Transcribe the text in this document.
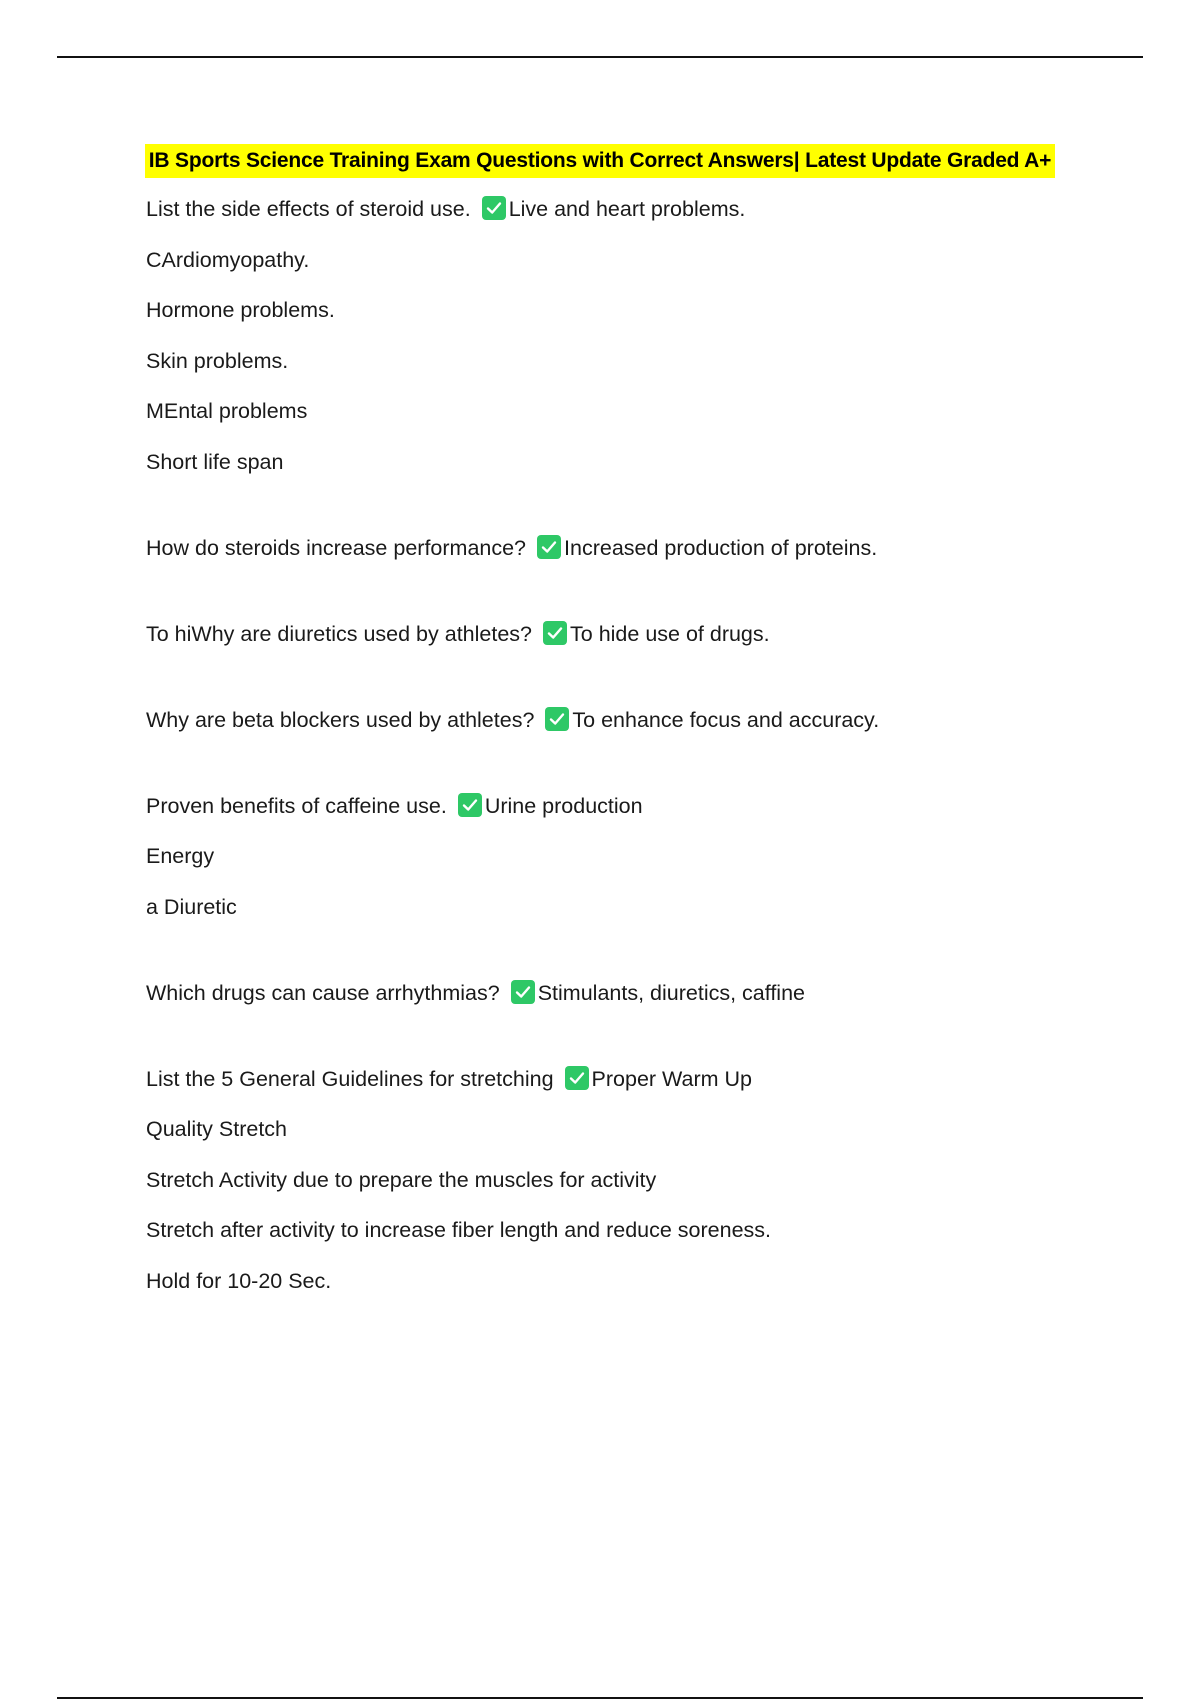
IB Sports Science Training Exam Questions with Correct Answers| Latest Update Graded A+
List the side effects of steroid use. Live and heart problems.
CArdiomyopathy.
Hormone problems.
Skin problems.
MEntal problems
Short life span
How do steroids increase performance? Increased production of proteins.
To hiWhy are diuretics used by athletes? To hide use of drugs.
Why are beta blockers used by athletes? To enhance focus and accuracy.
Proven benefits of caffeine use. Urine production
Energy
a Diuretic
Which drugs can cause arrhythmias? Stimulants, diuretics, caffine
List the 5 General Guidelines for stretching Proper Warm Up
Quality Stretch
Stretch Activity due to prepare the muscles for activity
Stretch after activity to increase fiber length and reduce soreness.
Hold for 10-20 Sec.
